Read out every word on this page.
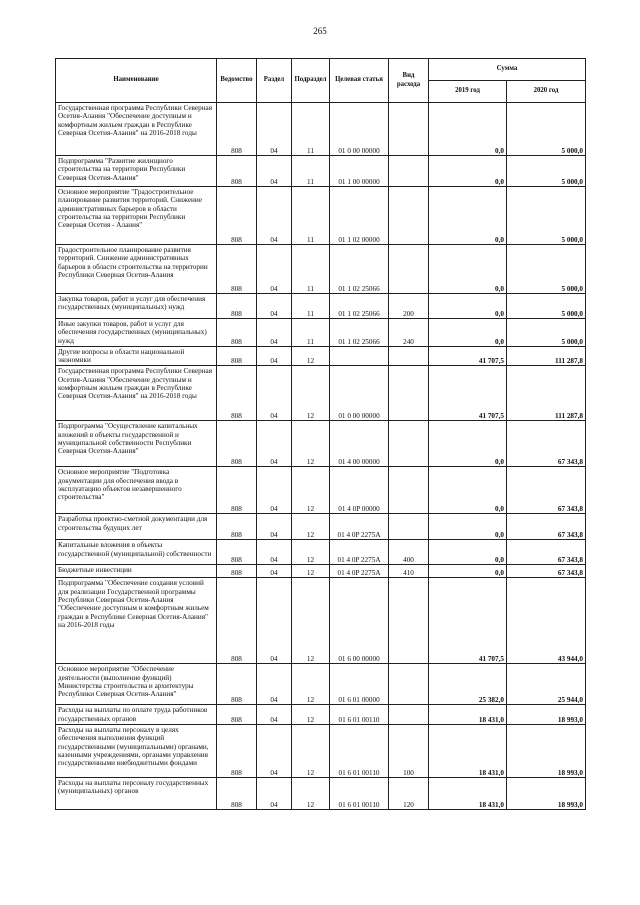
265
Наименование	Ведомство	Раздел	Подраздел	Целевая статья	Вид расхода	Сумма	
						2019 год	2020 год
Государственная программа Республики Северная Осетия-Алания "Обеспечение доступным и комфортным жильем граждан в Республике Северная Осетия-Алания" на 2016-2018 годы	808	04	11	01 0 00 00000		0,0	5 000,0
Подпрограмма "Развитие жилищного строительства на территории Республики Северная Осетия-Алания"	808	04	11	01 1 00 00000		0,0	5 000,0
Основное мероприятие "Градостроительное планирование развития территорий. Снижение административных барьеров в области строительства на территории Республики Северная Осетия - Алания"	808	04	11	01 1 02 00000		0,0	5 000,0
Градостроительное планирование развития территорий. Снижение административных барьеров в области строительства на территории Республики Северная Осетия-Алания	808	04	11	01 1 02 25066		0,0	5 000,0
Закупка товаров, работ и услуг для обеспечения государственных (муниципальных) нужд	808	04	11	01 1 02 25066	200	0,0	5 000,0
Иные закупки товаров, работ и услуг для обеспечения государственных (муниципальных) нужд	808	04	11	01 1 02 25066	240	0,0	5 000,0
Другие вопросы в области национальной экономики	808	04	12			41 707,5	111 287,8
Государственная программа Республики Северная Осетия-Алания "Обеспечение доступным и комфортным жильем граждан в Республике Северная Осетия-Алания" на 2016-2018 годы	808	04	12	01 0 00 00000		41 707,5	111 287,8
Подпрограмма "Осуществление капитальных вложений в объекты государственной и муниципальной собственности Республики Северная Осетия-Алания"	808	04	12	01 4 00 00000		0,0	67 343,8
Основное мероприятие "Подготовка документации для обеспечения ввода в эксплуатацию объектов незавершенного строительства"	808	04	12	01 4 0P 00000		0,0	67 343,8
Разработка проектно-сметной документации для строительства будущих лет	808	04	12	01 4 0P 2275A		0,0	67 343,8
Капитальные вложения в объекты государственной (муниципальной) собственности	808	04	12	01 4 0P 2275A	400	0,0	67 343,8
Бюджетные инвестиции	808	04	12	01 4 0P 2275A	410	0,0	67 343,8
Подпрограмма "Обеспечение создания условий для реализации Государственной программы Республики Северная Осетия-Алания "Обеспечение доступным и комфортным жильем граждан в Республике Северная Осетия-Алания" на 2016-2018 годы	808	04	12	01 6 00 00000		41 707,5	43 944,0
Основное мероприятие "Обеспечение деятельности (выполнение функций) Министерства строительства и архитектуры Республики Северная Осетия-Алания"	808	04	12	01 6 01 00000		25 382,0	25 944,0
Расходы на выплаты по оплате труда работников государственных органов	808	04	12	01 6 01 00110		18 431,0	18 993,0
Расходы на выплаты персоналу в целях обеспечения выполнения функций государственными (муниципальными) органами, казенными учреждениями, органами управления государственными внебюджетными фондами	808	04	12	01 6 01 00110	100	18 431,0	18 993,0
Расходы на выплаты персоналу государственных (муниципальных) органов	808	04	12	01 6 01 00110	120	18 431,0	18 993,0
